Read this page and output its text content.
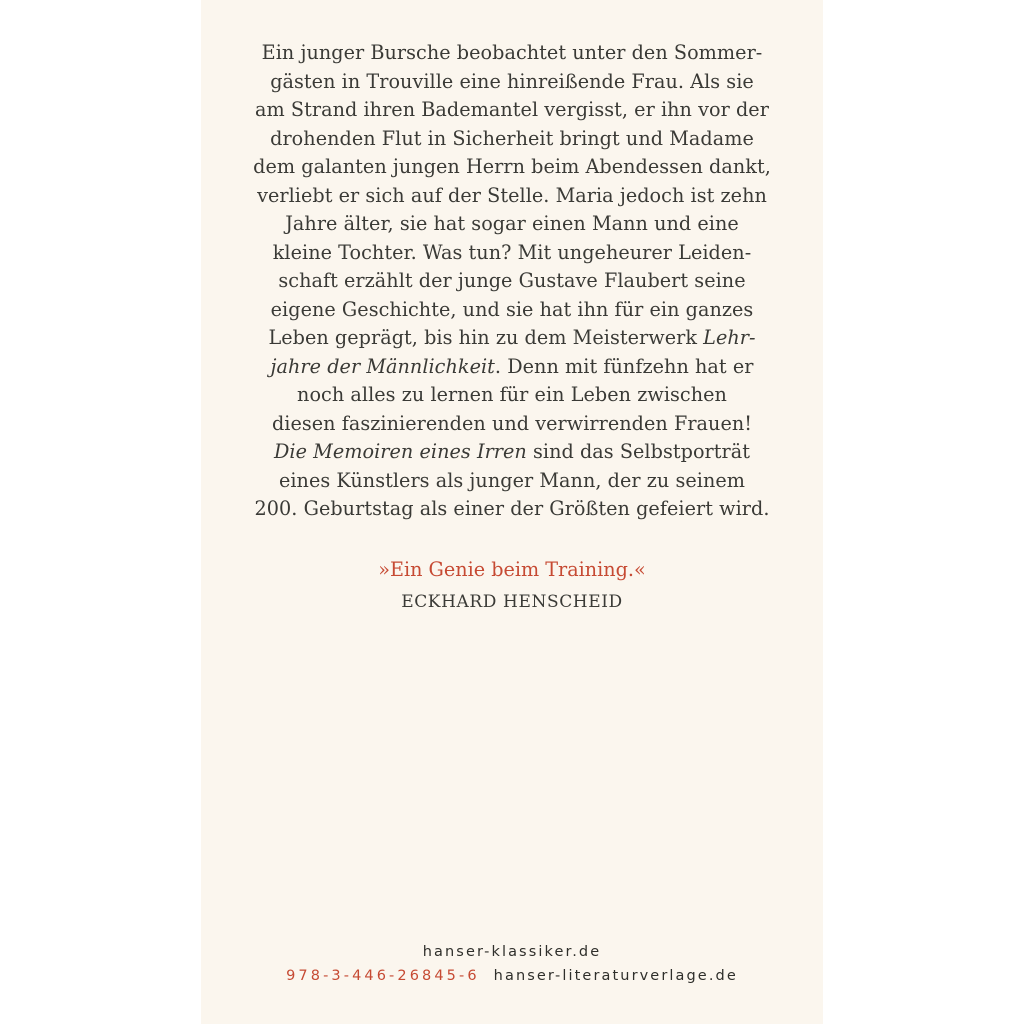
Ein junger Bursche beobachtet unter den Sommer-
gästen in Trouville eine hinreißende Frau. Als sie
am Strand ihren Bademantel vergisst, er ihn vor der
drohenden Flut in Sicherheit bringt und Madame
dem galanten jungen Herrn beim Abendessen dankt,
verliebt er sich auf der Stelle. Maria jedoch ist zehn
Jahre älter, sie hat sogar einen Mann und eine
kleine Tochter. Was tun? Mit ungeheurer Leiden-
schaft erzählt der junge Gustave Flaubert seine
eigene Geschichte, und sie hat ihn für ein ganzes
Leben geprägt, bis hin zu dem Meisterwerk Lehr-
jahre der Männlichkeit. Denn mit fünfzehn hat er
noch alles zu lernen für ein Leben zwischen
diesen faszinierenden und verwirrenden Frauen!
Die Memoiren eines Irren sind das Selbstporträt
eines Künstlers als junger Mann, der zu seinem
200. Geburtstag als einer der Größten gefeiert wird.
»Ein Genie beim Training.«
ECKHARD HENSCHEID
hanser-klassiker.de
978-3-446-26845-6 hanser-literaturverlage.de
